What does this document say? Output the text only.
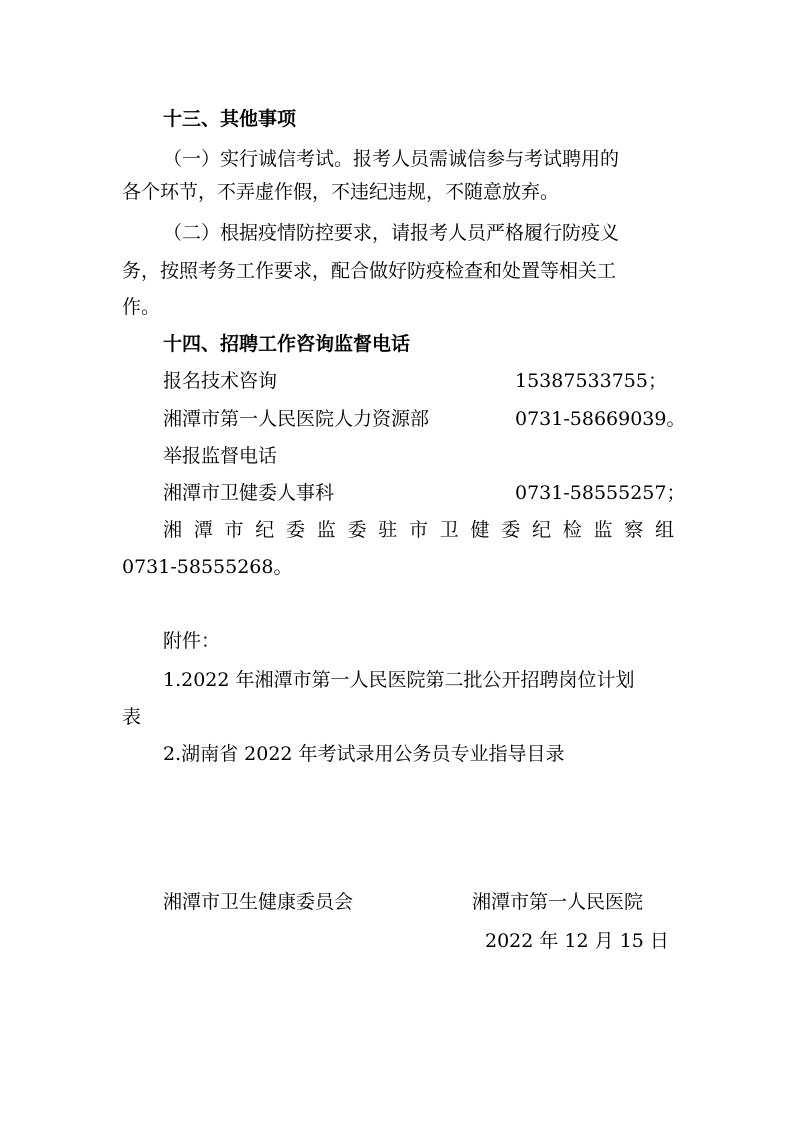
十三、其他事项
（一）实行诚信考试。报考人员需诚信参与考试聘用的
各个环节，不弄虚作假，不违纪违规，不随意放弃。
（二）根据疫情防控要求，请报考人员严格履行防疫义
务，按照考务工作要求，配合做好防疫检查和处置等相关工
作。
十四、招聘工作咨询监督电话
报名技术咨询	15387533755；
湘潭市第一人民医院人力资源部	0731-58669039。
举报监督电话
湘潭市卫健委人事科	0731-58555257；
湘潭市纪委监委驻市卫健委纪检监察组
0731-58555268。
附件：
1.2022 年湘潭市第一人民医院第二批公开招聘岗位计划
表
2.湖南省 2022 年考试录用公务员专业指导目录
湘潭市卫生健康委员会	湘潭市第一人民医院
2022 年 12 月 15 日
